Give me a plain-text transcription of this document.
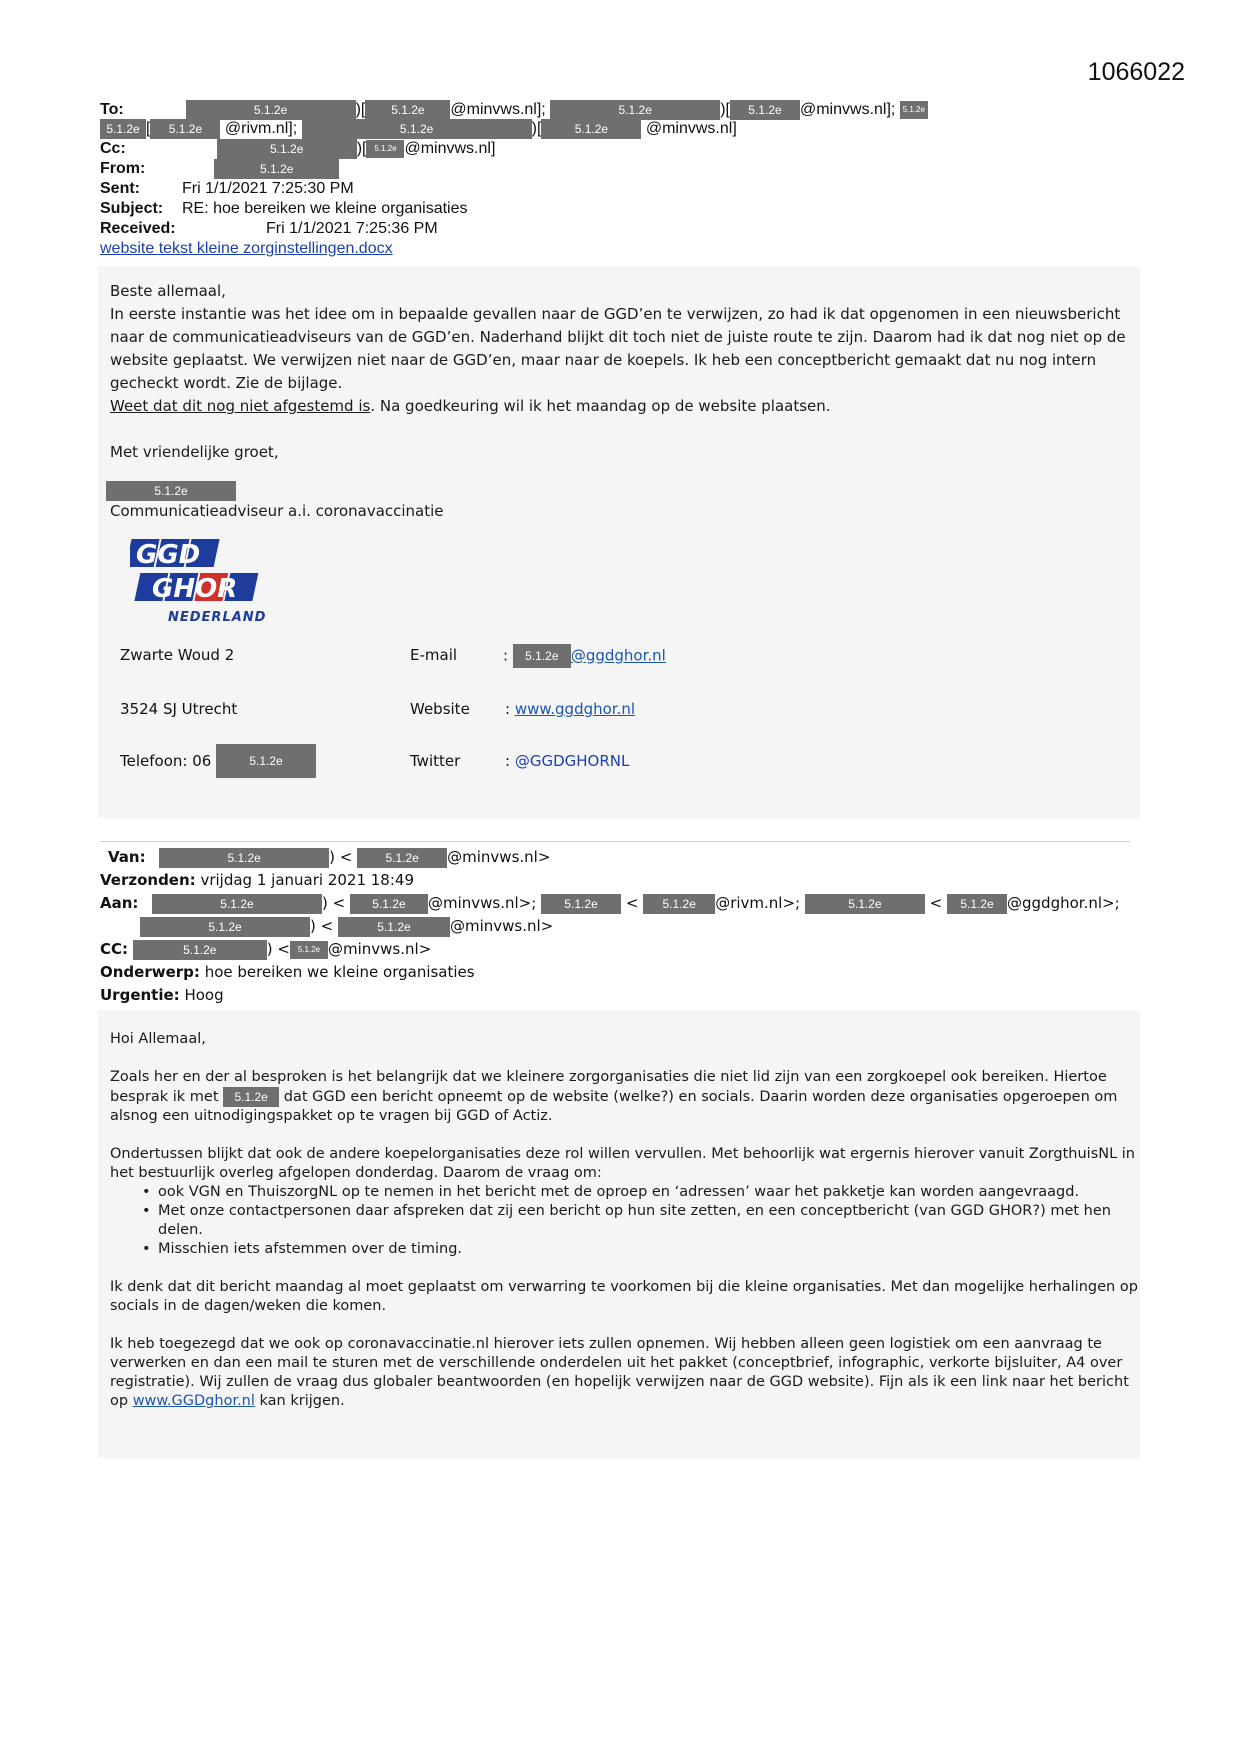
1066022
To:	5.1.2e	)[ 5.1.2e @minvws.nl];	5.1.2e	)[ 5.1.2e @minvws.nl]; 5.1.2e
5.1.2e [ 5.1.2e @rivm.nl];	5.1.2e	)[	5.1.2e @minvws.nl]
Cc:	5.1.2e	)[ 5.1.2e @minvws.nl]
From:	5.1.2e
Sent:	Fri 1/1/2021 7:25:30 PM
Subject: RE: hoe bereiken we kleine organisaties
Received:	Fri 1/1/2021 7:25:36 PM
website tekst kleine zorginstellingen.docx

Beste allemaal,

In eerste instantie was het idee om in bepaalde gevallen naar de GGD’en te verwijzen, zo had ik dat opgenomen in een nieuwsbericht naar de communicatieadviseurs van de GGD’en. Naderhand blijkt dit toch niet de juiste route te zijn. Daarom had ik dat nog niet op de website geplaatst. We verwijzen niet naar de GGD’en, maar naar de koepels. Ik heb een conceptbericht gemaakt dat nu nog intern gecheckt wordt. Zie de bijlage.

Weet dat dit nog niet afgestemd is. Na goedkeuring wil ik het maandag op de website plaatsen.

Met vriendelijke groet,

5.1.2e
Communicatieadviseur a.i. coronavaccinatie
GGD
GHOR
NEDERLAND
Zwarte Woud 2	E-mail	: 5.1.2e @ggdghor.nl
3524 SJ Utrecht	Website : www.ggdghor.nl
Telefoon: 06	5.1.2e	Twitter	: @GGDGHORNL
Van:	5.1.2e	) <	5.1.2e @minvws.nl>
Verzonden: vrijdag 1 januari 2021 18:49
Aan:	5.1.2e	) < 5.1.2e @minvws.nl>; 5.1.2e < 5.1.2e @rivm.nl>;	5.1.2e	< 5.1.2e @ggdghor.nl>;
5.1.2e	) <	5.1.2e	@minvws.nl>
CC:	5.1.2e	) < 5.1.2e @minvws.nl>
Onderwerp: hoe bereiken we kleine organisaties
Urgentie: Hoog

Hoi Allemaal,

Zoals her en der al besproken is het belangrijk dat we kleinere zorgorganisaties die niet lid zijn van een zorgkoepel ook bereiken. Hiertoe besprak ik met 5.1.2e dat GGD een bericht opneemt op de website (welke?) en socials. Daarin worden deze organisaties opgeroepen om alsnog een uitnodigingspakket op te vragen bij GGD of Actiz.

Ondertussen blijkt dat ook de andere koepelorganisaties deze rol willen vervullen. Met behoorlijk wat ergernis hierover vanuit ZorgthuisNL in het bestuurlijk overleg afgelopen donderdag. Daarom de vraag om:

• ook VGN en ThuiszorgNL op te nemen in het bericht met de oproep en ‘adressen’ waar het pakketje kan worden aangevraagd.
• Met onze contactpersonen daar afspreken dat zij een bericht op hun site zetten, en een conceptbericht (van GGD GHOR?) met hen delen.
• Misschien iets afstemmen over de timing.

Ik denk dat dit bericht maandag al moet geplaatst om verwarring te voorkomen bij die kleine organisaties. Met dan mogelijke herhalingen op socials in de dagen/weken die komen.

Ik heb toegezegd dat we ook op coronavaccinatie.nl hierover iets zullen opnemen. Wij hebben alleen geen logistiek om een aanvraag te verwerken en dan een mail te sturen met de verschillende onderdelen uit het pakket (conceptbrief, infographic, verkorte bijsluiter, A4 over registratie). Wij zullen de vraag dus globaler beantwoorden (en hopelijk verwijzen naar de GGD website). Fijn als ik een link naar het bericht op www.GGDghor.nl kan krijgen.
